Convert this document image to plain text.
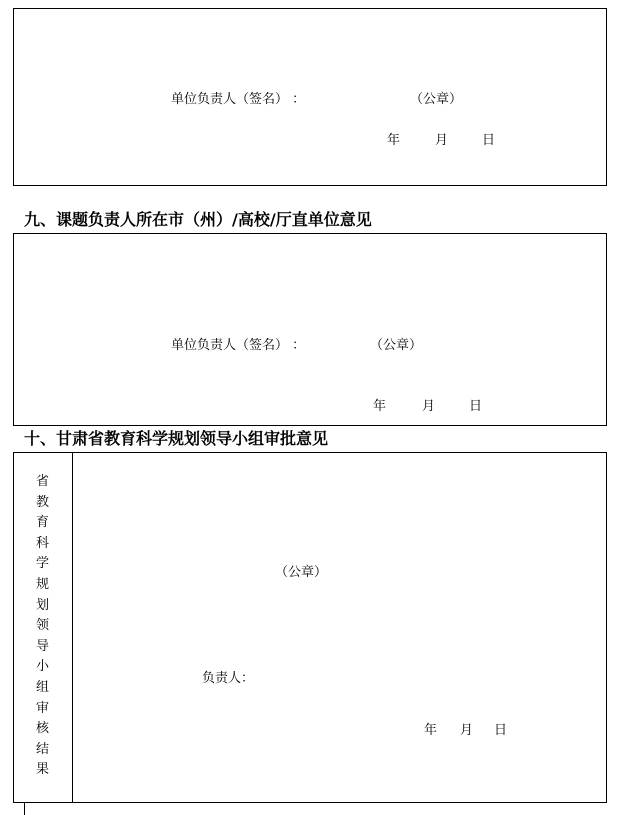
单位负责人（签名） ：	（公章）
年	月	日
九、课题负责人所在市（州）/高校/厅直单位意见
单位负责人（签名） ：	（公章）
年	月	日
十、甘肃省教育科学规划领导小组审批意见
省
教
育
科
学
规
划
领
导
小
组
审
核
结
果
（公章）
负责人：
年 月 日
